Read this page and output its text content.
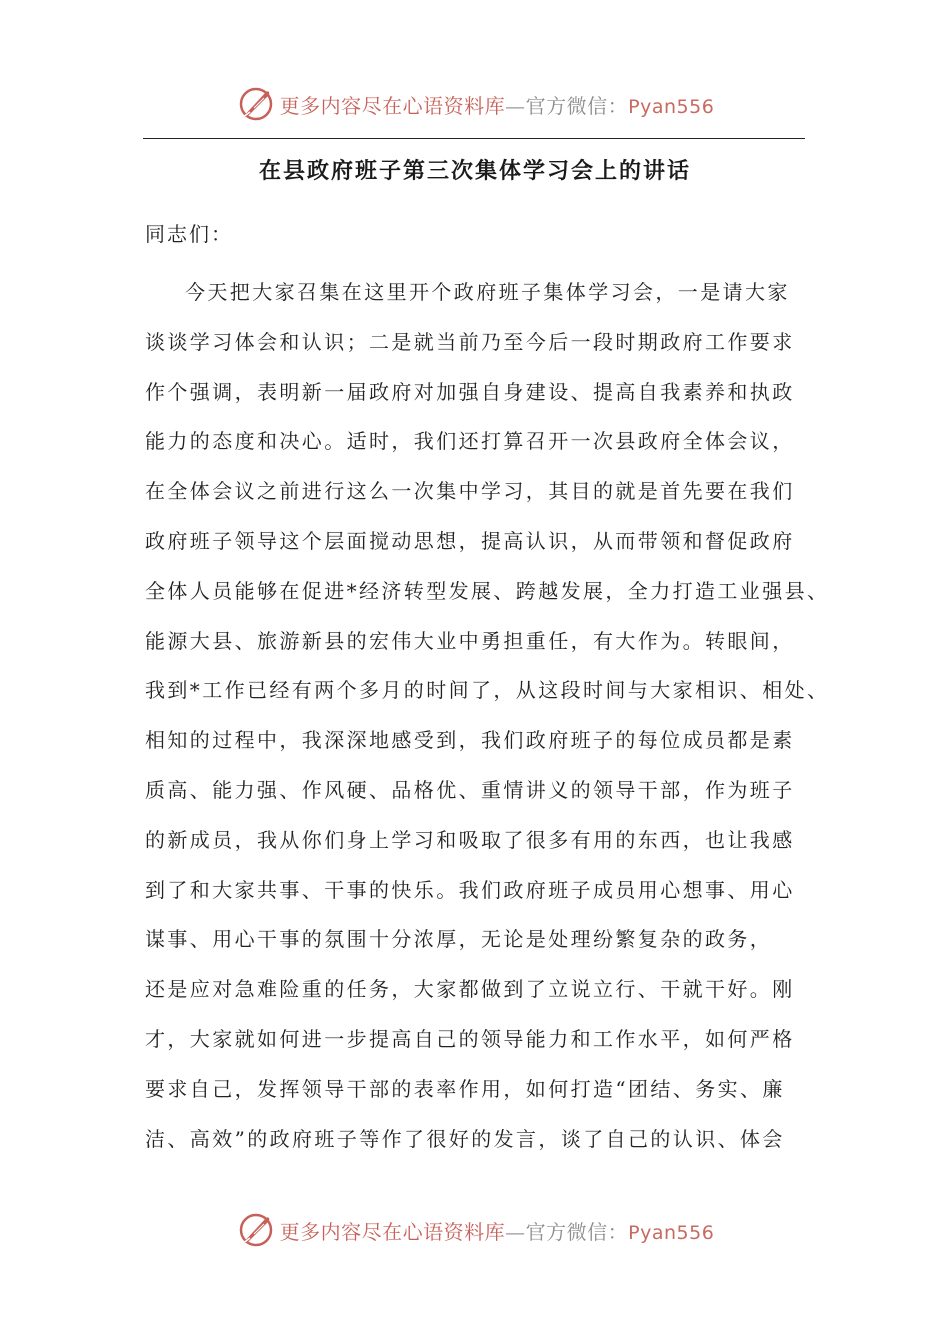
更多内容尽在心语资料库—官方微信：Pyan556
在县政府班子第三次集体学习会上的讲话
同志们：
今天把大家召集在这里开个政府班子集体学习会，一是请大家
谈谈学习体会和认识；二是就当前乃至今后一段时期政府工作要求
作个强调，表明新一届政府对加强自身建设、提高自我素养和执政
能力的态度和决心。适时，我们还打算召开一次县政府全体会议，
在全体会议之前进行这么一次集中学习，其目的就是首先要在我们
政府班子领导这个层面搅动思想，提高认识，从而带领和督促政府
全体人员能够在促进*经济转型发展、跨越发展，全力打造工业强县、
能源大县、旅游新县的宏伟大业中勇担重任，有大作为。转眼间，
我到*工作已经有两个多月的时间了，从这段时间与大家相识、相处、
相知的过程中，我深深地感受到，我们政府班子的每位成员都是素
质高、能力强、作风硬、品格优、重情讲义的领导干部，作为班子
的新成员，我从你们身上学习和吸取了很多有用的东西，也让我感
到了和大家共事、干事的快乐。我们政府班子成员用心想事、用心
谋事、用心干事的氛围十分浓厚，无论是处理纷繁复杂的政务，
还是应对急难险重的任务，大家都做到了立说立行、干就干好。刚
才，大家就如何进一步提高自己的领导能力和工作水平，如何严格
要求自己，发挥领导干部的表率作用，如何打造“团结、务实、廉
洁、高效”的政府班子等作了很好的发言，谈了自己的认识、体会
更多内容尽在心语资料库—官方微信：Pyan556
